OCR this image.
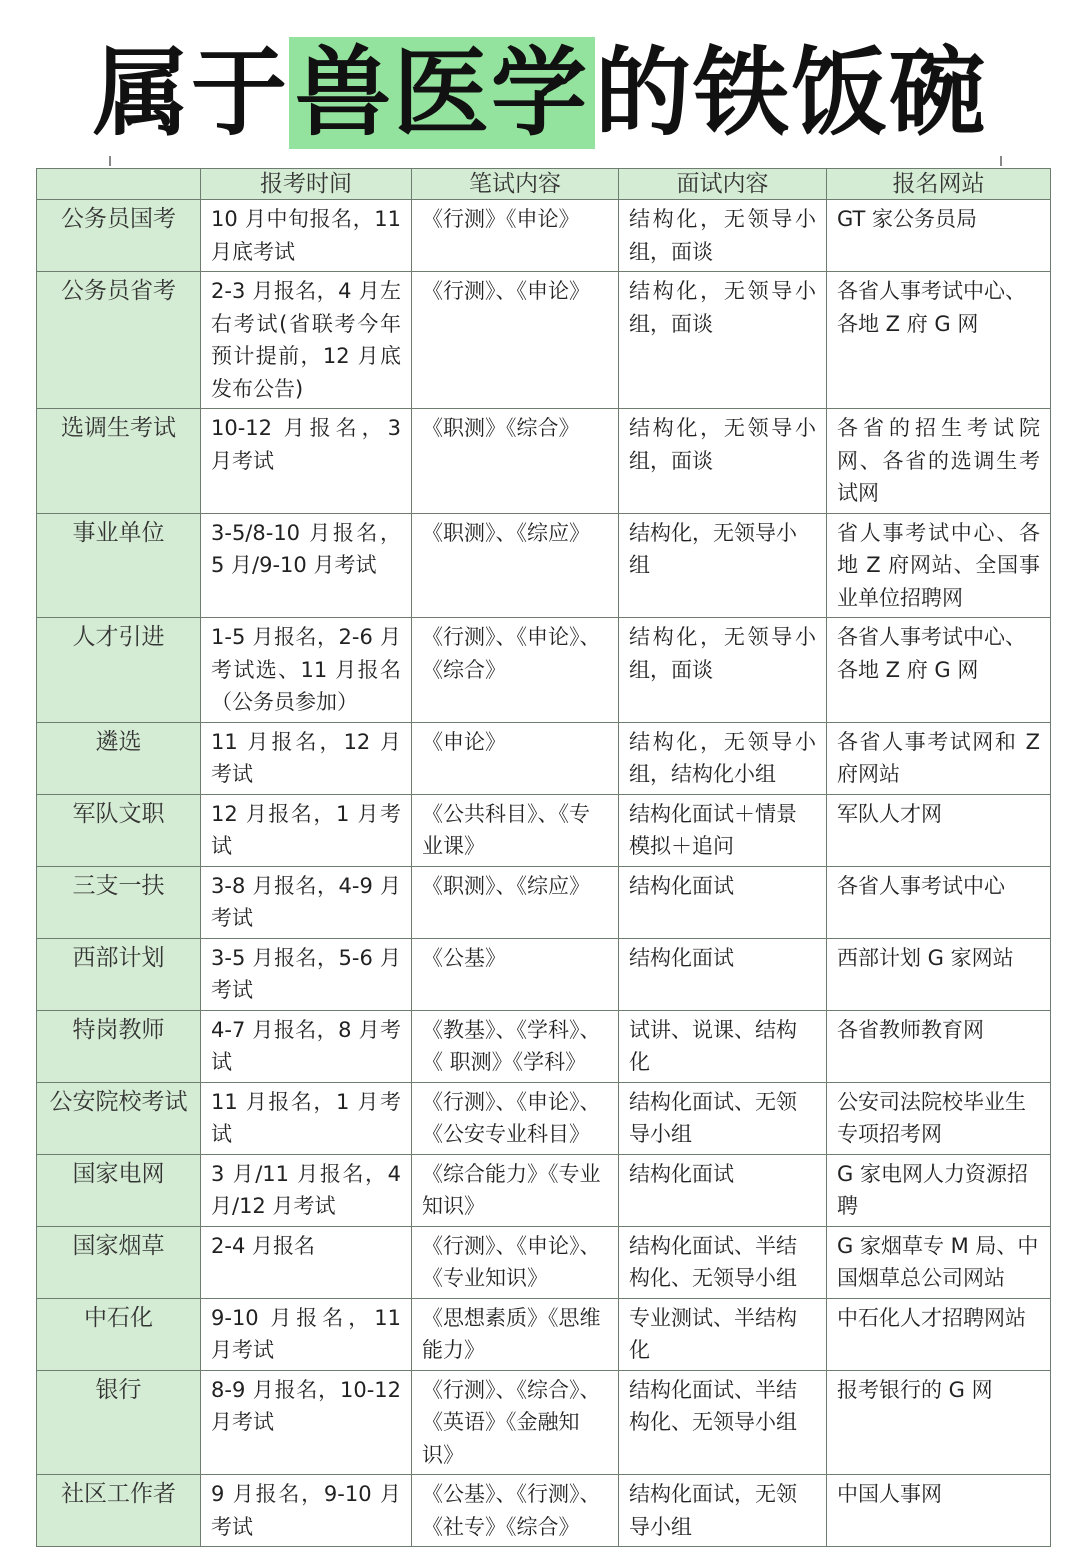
属于兽医学的铁饭碗
	报考时间	笔试内容	面试内容	报名网站
公务员国考	10 月中旬报名，11 月底考试	《行测》《申论》	结构化，无领导小组，面谈	GT 家公务员局
公务员省考	2-3 月报名，4 月左右考试(省联考今年预计提前，12 月底发布公告)	《行测》、《申论》	结构化，无领导小组，面谈	各省人事考试中心、各地 Z 府 G 网
选调生考试	10-12 月报名，3 月考试	《职测》《综合》	结构化，无领导小组，面谈	各省的招生考试院网、各省的选调生考试网
事业单位	3-5/8-10 月报名，5 月/9-10 月考试	《职测》、《综应》	结构化，无领导小组	省人事考试中心、各地 Z 府网站、全国事业单位招聘网
人才引进	1-5 月报名，2-6 月考试选、11 月报名（公务员参加）	《行测》、《申论》、《综合》	结构化，无领导小组，面谈	各省人事考试中心、各地 Z 府 G 网
遴选	11 月报名，12 月考试	《申论》	结构化，无领导小组，结构化小组	各省人事考试网和 Z 府网站
军队文职	12 月报名，1 月考试	《公共科目》、《专业课》	结构化面试＋情景模拟＋追问	军队人才网
三支一扶	3-8 月报名，4-9 月考试	《职测》、《综应》	结构化面试	各省人事考试中心
西部计划	3-5 月报名，5-6 月考试	《公基》	结构化面试	西部计划 G 家网站
特岗教师	4-7 月报名，8 月考试	《教基》、《学科》、《 职测》《学科》	试讲、说课、结构化	各省教师教育网
公安院校考试	11 月报名，1 月考试	《行测》、《申论》、《公安专业科目》	结构化面试、无领导小组	公安司法院校毕业生专项招考网
国家电网	3 月/11 月报名，4 月/12 月考试	《综合能力》《专业知识》	结构化面试	G 家电网人力资源招聘
国家烟草	2-4 月报名	《行测》、《申论》、《专业知识》	结构化面试、半结构化、无领导小组	G 家烟草专 M 局、中国烟草总公司网站
中石化	9-10 月报名，11 月考试	《思想素质》《思维能力》	专业测试、半结构化	中石化人才招聘网站
银行	8-9 月报名，10-12 月考试	《行测》、《综合》、《英语》《金融知识》	结构化面试、半结构化、无领导小组	报考银行的 G 网
社区工作者	9 月报名，9-10 月考试	《公基》、《行测》、《社专》《综合》	结构化面试，无领导小组	中国人事网
